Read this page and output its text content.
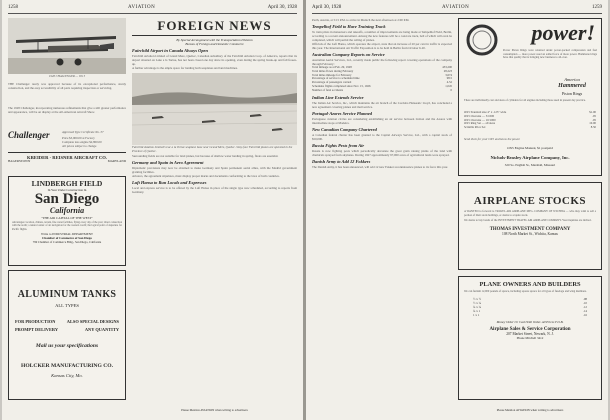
1258	AVIATION	April 30, 1928
1928 CHALLENGER — OX 5
THE Challenger rarely was approved because of its exceptional performance, sturdy construction, and the easy accessibility of all parts requiring inspection or servicing.
The 1928 Challenger, incorporating numerous refinements that give a still greater performance and appearance, will be on display at the All-American Aircraft Show.
Challenger	Approved Type Certificate No. 37
Price $3,900.00 at Factory
Complete less engine $2,800.00
All prices subject to change
KREIDER - REISNER AIRCRAFT CO.
HAGERSTOWN	MARYLAND
LINDBERGH FIELD
In Year Under Construction In
San Diego
California
"THE AIR CAPITAL OF THE WEST"
Advantages: location, climate, terrain, fine water facilities, flying every day of the year; direct connection with the north; a natural center of air navigation for the western world; the logical point of departure for Pacific flights.
Write to INDUSTRIAL DEPARTMENT
Chamber of Commerce of San Diego
799 Chamber of Commerce Bldg., San Diego, California
ALUMINUM TANKS
ALL TYPES
FOR PRODUCTION	ALSO SPECIAL DESIGNS
PROMPT DELIVERY	ANY QUANTITY
Mail us your specifications
HOLCKER MANUFACTURING CO.
Kansas City, Mo.
FOREIGN NEWS
By Special Arrangement with the Transportation Division
Bureau of Foreign and Domestic Commerce
Fairchild Airport in Canada Always Open
Fairchild Aviation Limited of Grand Mere, Quebec, Canadian subsidiary of the Fairchild Aviation Corp. of America, reports that its airport situated on Lake a la Tortue, has not been closed one day since its opening, even during the spring break-up and fall freeze-up.
A further advantage is the ample space for landing both seaplanes and land machines.
Fairchild Aviation Limited's Lac a la Tortue seaplane base near Grand Mere, Quebec. Sixty-four Fairchild planes are operated in the Province of Quebec.
Surrounding fields are not suitable for land planes, but because of shallow water landing in spring, floats are essential.
Germany and Spain in Aero Agreement
Diplomatic provisions may now be obtained to make Germany and Spain permanent aerial allies, with the Madrid government granting facilities.
Aviators, the agreement stipulates, must display proper marks and documents conforming to the laws of both countries.
Luft Hansa to Run Locals and Expresses
Local and express service is to be offered by the Luft Hansa in place of the single type now scheduled, according to reports from Germany.
Please Mention AVIATION when writing to advertisers
April 30, 1928	AVIATION	1259
Perth, Austria, at 5:15 P.M. to arrive in Munich the next afternoon at 2:00 P.M.
Tempelhof Field to Have Training Track
To train pilots in maneuvers and takeoffs, a number of improvements are being made at Tempelhof Field, Berlin, according to a recent announcement. Among the new features will be a concrete track, bell of which will even be completed, which will permit the rolling of planes.
Officials of the Luft Hansa, which operates the airport, state that an increase of 20 per cent in traffic is expected this year. The International Air Traffic Exposition is to be held in Berlin from October 6-20.
Australian Company Reports on Service
Australian Aerial Services, Ltd., recently made public the following report covering operations of the company through February:
Total mileage as at Feb. 29, 1928	433,200
Total miles flown during February	28,223
Total miles mileage for February	3,674
Percentage of service to scheduled time	98.5
Percentage of passengers carried	4.52
Schedules flights completed since Nov. 15, 1926	1,045
Number of fatal accidents	0
Indian Line Extends Service
The Italian Air Service, Inc., which maintains the air branch of the Cordoba Hanseatic Lloyd, has concluded a new agreement covering planes and mail service.
Portugal-Azores Service Planned
Portuguese aviation circles are considering establishing an air service between Lisbon and the Azores with intermediate stops at Madeira.
New Canadian Company Chartered
A Canadian federal charter has been granted to the Capital Airways Service, Ltd., with a capital stock of $50,000.
Russia Fights Pests from Air
Russia is now fighting pests which periodically devastate the great grain raising plains of the land with chemicals sprayed from airplanes. During 1927 approximately 97,000 acres of agricultural lands were sprayed.
Danish Army to Add 12 Fokkers
The Danish Army, it has been announced, will add 12 new Fokker reconnaissance planes to its force this year.
power!
Power Piston Rings were returned under power-packed compression and fuel consumption — more power used an added force of more power. Hammered rings have that quality that is bringing new business to all-over.
America
Hammered
Piston Rings
There are individually cast and sizes of cylinders for all engines including those used in present day practice.
OX5 Standard size 4" x .125" wide	$1.00
OX5 Oversize — 5/1000	.95
OX5 Oversize — 10/1000	.95
OX5 Ring Set — all sizes	10.00
Scintilla Price Set	8.50
Send them for your OX5 and know the power.
OX5 Engine Manual, $1 postpaid
Nichols-Beasley Airplane Company, Inc.
320 So. English St., Marshall, Missouri
AIRPLANE STOCKS
A WANTED to forward to TRAVEL AIR AIRPLANE MFG. COMPANY OF WICHITA — who may wish to sell a portion of their stock holdings, or desire to acquire stock.
We desire to buy bonds of the INVESTMENT TRAVEL AIR AIRPLANE COMPANY. Your inquiries are invited.
THOMAS INVESTMENT COMPANY
108 North Market St., Wichita, Kansas
PLANE OWNERS AND BUILDERS
We can furnish 12,000 pounds of spruce, including square spruce for all types of fuselage and wing members.
½ x ½	.08
½ x ¾	.10
¾ x ¾	.12
¾ x 1	.14
1 x 1	.16
Money Order Or Cash With Order. All Prices F.O.B.
Airplane Sales & Service Corporation
207 Market Street, Newark, N. J.
Phone Mitchell 3412
Please Mention AVIATION when writing to advertisers
